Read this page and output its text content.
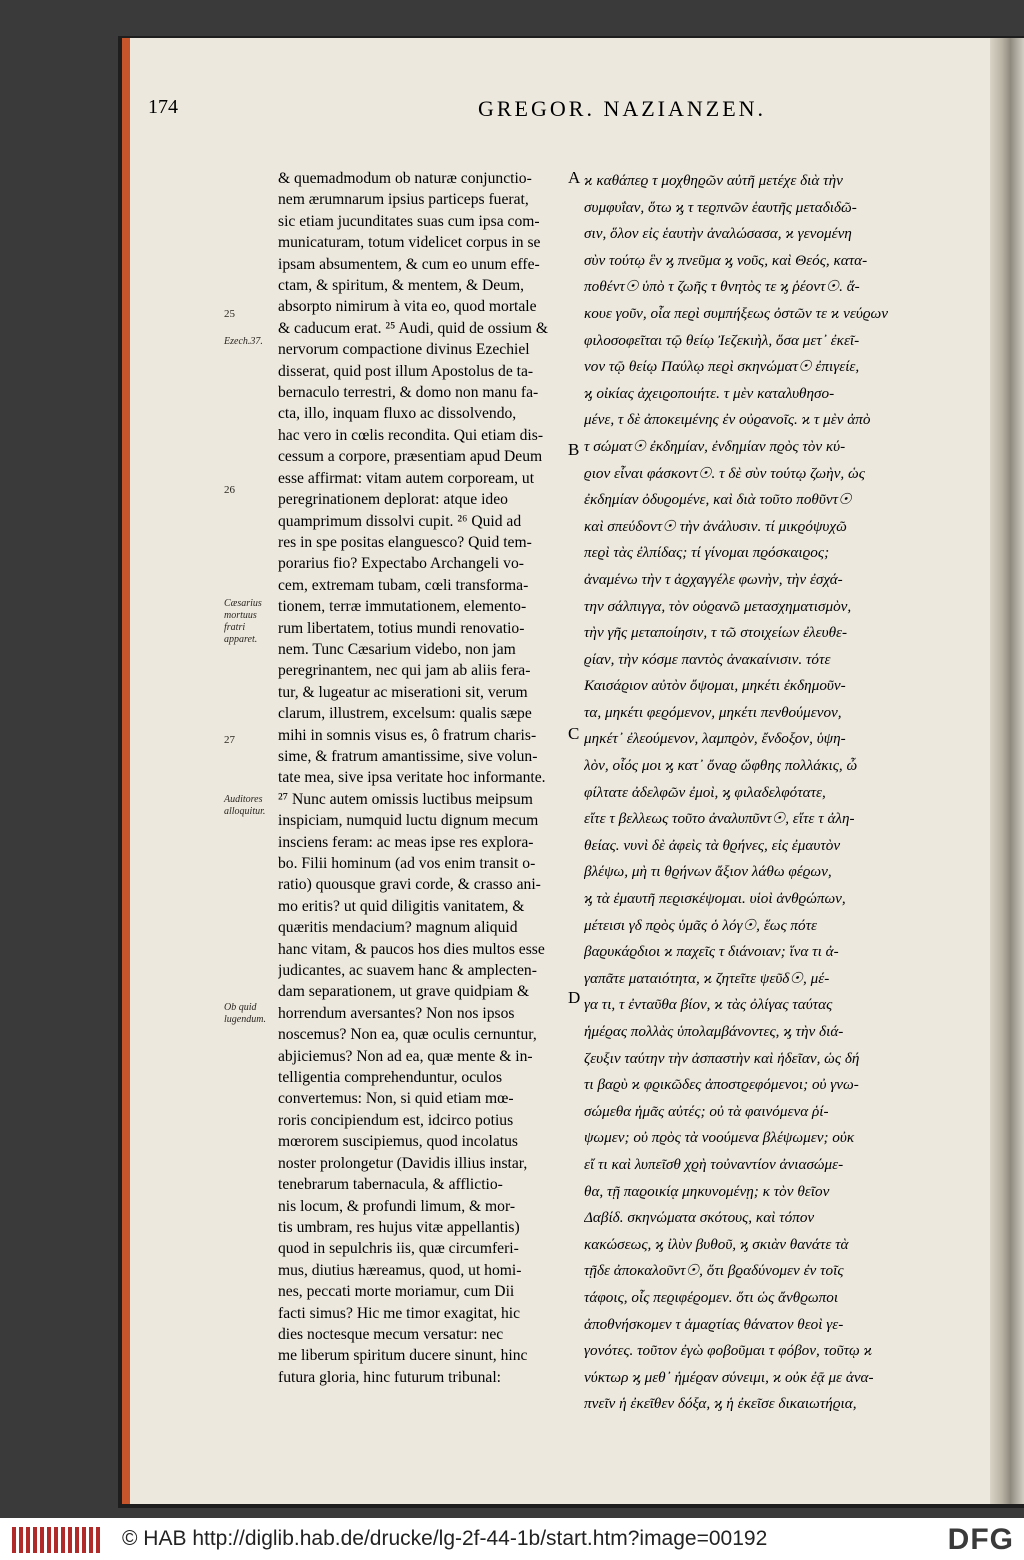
174	GREGOR. NAZIANZEN.
25
Ezech.37.
26
Cæsarius mortuus fratri apparet.
27
Auditores alloquitur.
Ob quid lugendum.
& quemadmodum ob naturæ conjunctio-
nem ærumnarum ipsius particeps fuerat,
sic etiam jucunditates suas cum ipsa com-
municaturam, totum videlicet corpus in se
ipsam absumentem, & cum eo unum effe-
ctam, & spiritum, & mentem, & Deum,
absorpto nimirum à vita eo, quod mortale
& caducum erat. ²⁵ Audi, quid de ossium &
nervorum compactione divinus Ezechiel
disserat, quid post illum Apostolus de ta-
bernaculo terrestri, & domo non manu fa-
cta, illo, inquam fluxo ac dissolvendo,
hac vero in cœlis recondita. Qui etiam dis-
cessum a corpore, præsentiam apud Deum
esse affirmat: vitam autem corpoream, ut
peregrinationem deplorat: atque ideo
quamprimum dissolvi cupit. ²⁶ Quid ad
res in spe positas elanguesco? Quid tem-
porarius fio? Expectabo Archangeli vo-
cem, extremam tubam, cœli transforma-
tionem, terræ immutationem, elemento-
rum libertatem, totius mundi renovatio-
nem. Tunc Cæsarium videbo, non jam
peregrinantem, nec qui jam ab aliis fera-
tur, & lugeatur ac miserationi sit, verum
clarum, illustrem, excelsum: qualis sæpe
mihi in somnis visus es, ô fratrum charis-
sime, & fratrum amantissime, sive volun-
tate mea, sive ipsa veritate hoc informante.
²⁷ Nunc autem omissis luctibus meipsum
inspiciam, numquid luctu dignum mecum
insciens feram: ac meas ipse res explora-
bo. Filii hominum (ad vos enim transit o-
ratio) quousque gravi corde, & crasso ani-
mo eritis? ut quid diligitis vanitatem, &
quæritis mendacium? magnum aliquid
hanc vitam, & paucos hos dies multos esse
judicantes, ac suavem hanc & amplecten-
dam separationem, ut grave quidpiam &
horrendum aversantes? Non nos ipsos
noscemus? Non ea, quæ oculis cernuntur,
abjiciemus? Non ad ea, quæ mente & in-
telligentia comprehenduntur, oculos
convertemus: Non, si quid etiam mœ-
roris concipiendum est, idcirco potius
mœrorem suscipiemus, quod incolatus
noster prolongetur (Davidis illius instar,
tenebrarum tabernacula, & afflictio-
nis locum, & profundi limum, & mor-
tis umbram, res hujus vitæ appellantis)
quod in sepulchris iis, quæ circumferi-
mus, diutius hæreamus, quod, ut homi-
nes, peccati morte moriamur, cum Dii
facti simus? Hic me timor exagitat, hic
dies noctesque mecum versatur: nec
me liberum spiritum ducere sinunt, hinc
futura gloria, hinc futurum tribunal:
A
B
C
D
ϰ καθάπεϱ τ μοχθηϱῶν αὐτῆ μετέχε διὰ τὴν
συμφυΐαν, ὅτω ϗ τ τεϱπνῶν ἑαυτῆς μεταδιδῶ-
σιν, ὅλον εἰς ἑαυτὴν ἀναλώσασα, ϰ γενομένη
σὺν τούτῳ ἓν ϗ πνεῦμα ϗ νοῦς, καὶ Θεός, κατα-
ποθέντ☉ ὑπὸ τ ζωῆς τ θνητὸς τε ϗ ῥέοντ☉. ἄ-
κουε γοῦν, οἷα πεϱὶ συμπήξεως ὀστῶν τε ϰ νεύϱων
φιλοσοφεῖται τῷ θείῳ Ἰεζεκιὴλ, ὅσα μετ᾽ ἐκεῖ-
νον τῷ θείῳ Παύλῳ πεϱὶ σκηνώματ☉ ἐπιγείε,
ϗ οἰκίας ἀχειϱοποιήτε. τ μὲν καταλυθησο-
μένε, τ δὲ ἀποκειμένης ἐν οὐϱανοῖς. ϰ τ μὲν ἀπὸ
τ σώματ☉ ἐκδημίαν, ἐνδημίαν πϱὸς τὸν κύ-
ϱιον εἶναι φάσκοντ☉. τ δὲ σὺν τούτῳ ζωὴν, ὡς
ἐκδημίαν ὀδυϱομένε, καὶ διὰ τοῦτο ποθῦντ☉
καὶ σπεύδοντ☉ τὴν ἀνάλυσιν. τί μικϱόψυχῶ
πεϱὶ τὰς ἐλπίδας; τί γίνομαι πϱόσκαιϱος;
ἀναμένω τὴν τ ἀϱχαγγέλε φωνὴν, τὴν ἐσχά-
την σάλπιγγα, τὸν οὐϱανῶ μετασχηματισμὸν,
τὴν γῆς μεταποίησιν, τ τῶ στοιχείων ἐλευθε-
ϱίαν, τὴν κόσμε παντὸς ἀνακαίνισιν. τότε
Καισάϱιον αὐτὸν ὄψομαι, μηκέτι ἐκδημοῦν-
τα, μηκέτι φεϱόμενον, μηκέτι πενθούμενον,
μηκέτ᾽ ἐλεούμενον, λαμπϱὸν, ἔνδοξον, ὑψη-
λὸν, οἷός μοι ϗ κατ᾽ ὄναϱ ὤφθης πολλάκις, ὦ
φίλτατε ἀδελφῶν ἐμοὶ, ϗ φιλαδελφότατε,
εἴτε τ βελλεως τοῦτο ἀναλυπῦντ☉, εἴτε τ ἀλη-
θείας. νυνὶ δὲ ἀφεὶς τὰ θϱήνες, εἰς ἐμαυτὸν
βλέψω, μὴ τι θϱήνων ἄξιον λάθω φέϱων,
ϗ τὰ ἐμαυτῆ πεϱισκέψομαι. υἱοὶ ἀνθϱώπων,
μέτεισι γδ πϱὸς ὑμᾶς ὁ λόγ☉, ἕως πότε
βαϱυκάϱδιοι ϰ παχεῖς τ διάνοιαν; ἵνα τι ἀ-
γαπᾶτε ματαιότητα, ϰ ζητεῖτε ψεῦδ☉, μέ-
γα τι, τ ἐνταῦθα βίον, ϰ τὰς ὀλίγας ταύτας
ἡμέϱας πολλὰς ὑπολαμβάνοντες, ϗ τὴν διά-
ζευξιν ταύτην τὴν ἀσπαστὴν καὶ ἡδεῖαν, ὡς δή
τι βαϱὺ ϰ φϱικῶδες ἀποστϱεφόμενοι; οὐ γνω-
σώμεθα ἡμᾶς αὐτές; οὐ τὰ φαινόμενα ῥί-
ψωμεν; οὐ πϱὸς τὰ νοούμενα βλέψωμεν; οὐκ
εἴ τι καὶ λυπεῖσθ χϱὴ τοὐναντίον ἀνιασώμε-
θα, τῇ παϱοικίᾳ μηκυνομένῃ; κ τὸν θεῖον
Δαβίδ. σκηνώματα σκότους, καὶ τόπον
κακώσεως, ϗ ἰλὺν βυθοῦ, ϗ σκιὰν θανάτε τὰ
τῇδε ἀποκαλοῦντ☉, ὅτι βϱαδύνομεν ἐν τοῖς
τάφοις, οἷς πεϱιφέϱομεν. ὅτι ὡς ἄνθϱωποι
ἀποθνήσκομεν τ ἁμαϱτίας θάνατον θεοὶ γε-
γονότες. τοῦτον ἐγὼ φοβοῦμαι τ φόβον, τοῦτῳ ϰ
νύκτωρ ϗ μεθ᾽ ἡμέϱαν σύνειμι, ϰ οὐκ ἐᾷ με ἀνα-
πνεῖν ἡ ἐκεῖθεν δόξα, ϗ ἡ ἐκεῖσε δικαιωτήϱια,
© HAB http://diglib.hab.de/drucke/lg-2f-44-1b/start.htm?image=00192	DFG
